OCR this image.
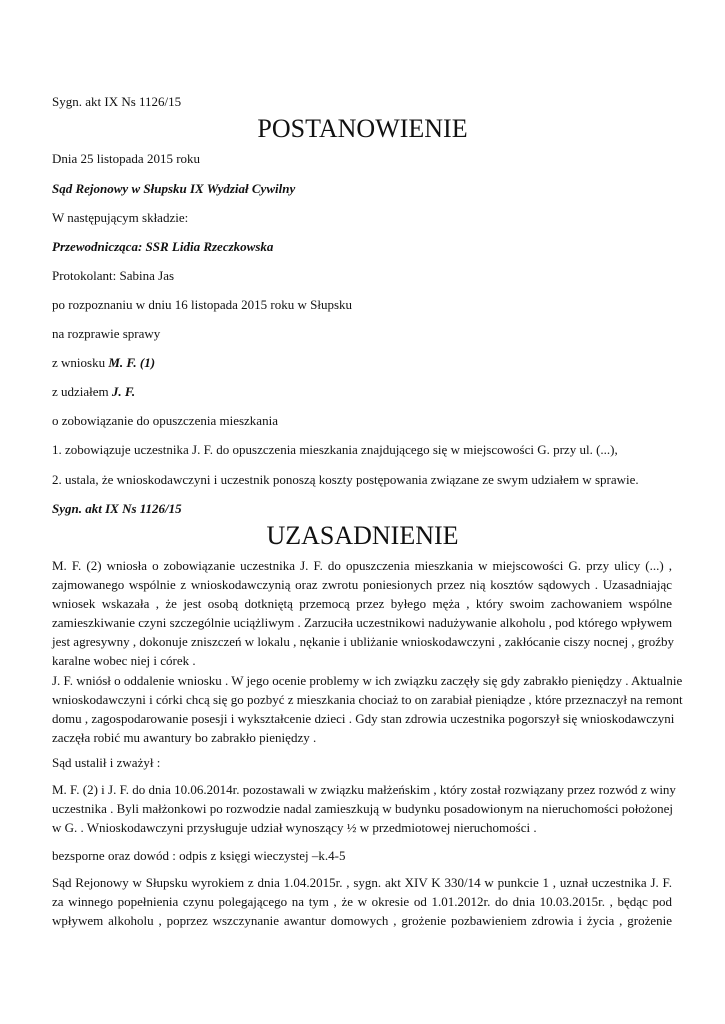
Sygn. akt IX Ns 1126/15
POSTANOWIENIE
Dnia 25 listopada 2015 roku
Sąd Rejonowy w Słupsku IX Wydział Cywilny
W następującym składzie:
Przewodnicząca: SSR Lidia Rzeczkowska
Protokolant: Sabina Jas
po rozpoznaniu w dniu 16 listopada 2015 roku w Słupsku
na rozprawie sprawy
z wniosku M. F. (1)
z udziałem J. F.
o zobowiązanie do opuszczenia mieszkania
1. zobowiązuje uczestnika J. F. do opuszczenia mieszkania znajdującego się w miejscowości G. przy ul. (...),
2. ustala, że wnioskodawczyni i uczestnik ponoszą koszty postępowania związane ze swym udziałem w sprawie.
Sygn. akt IX Ns 1126/15
UZASADNIENIE
M. F. (2) wniosła o zobowiązanie uczestnika J. F. do opuszczenia mieszkania w miejscowości G. przy ulicy (...) ,
zajmowanego wspólnie z wnioskodawczynią oraz zwrotu poniesionych przez nią kosztów sądowych . Uzasadniając
wniosek wskazała , że jest osobą dotkniętą przemocą przez byłego męża , który swoim zachowaniem wspólne
zamieszkiwanie czyni szczególnie uciążliwym . Zarzuciła uczestnikowi nadużywanie alkoholu , pod którego wpływem
jest agresywny , dokonuje zniszczeń w lokalu , nękanie i ubliżanie wnioskodawczyni , zakłócanie ciszy nocnej , groźby
karalne wobec niej i córek .
J. F. wniósł o oddalenie wniosku . W jego ocenie problemy w ich związku zaczęły się gdy zabrakło pieniędzy . Aktualnie
wnioskodawczyni i córki chcą się go pozbyć z mieszkania chociaż to on zarabiał pieniądze , które przeznaczył na remont
domu , zagospodarowanie posesji i wykształcenie dzieci . Gdy stan zdrowia uczestnika pogorszył się wnioskodawczyni
zaczęła robić mu awantury bo zabrakło pieniędzy .
Sąd ustalił i zważył :
M. F. (2) i J. F. do dnia 10.06.2014r. pozostawali w związku małżeńskim , który został rozwiązany przez rozwód z winy
uczestnika . Byli małżonkowi po rozwodzie nadal zamieszkują w budynku posadowionym na nieruchomości położonej
w G. . Wnioskodawczyni przysługuje udział wynoszący ½ w przedmiotowej nieruchomości .
bezsporne oraz dowód : odpis z księgi wieczystej –k.4-5
Sąd Rejonowy w Słupsku wyrokiem z dnia 1.04.2015r. , sygn. akt XIV K 330/14 w punkcie 1 , uznał uczestnika J. F.
za winnego popełnienia czynu polegającego na tym , że w okresie od 1.01.2012r. do dnia 10.03.2015r. , będąc pod
wpływem alkoholu , poprzez wszczynanie awantur domowych , grożenie pozbawieniem zdrowia i życia , grożenie
